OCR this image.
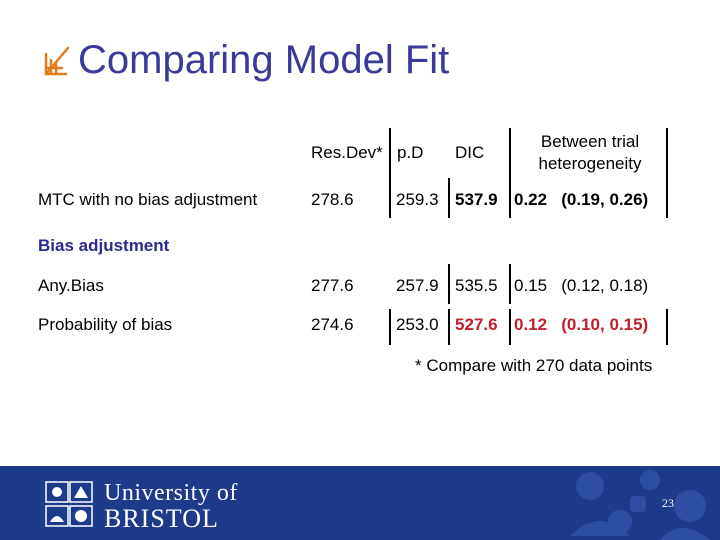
Comparing Model Fit
Res.Dev* p.D DIC
Between trial heterogeneity
MTC with no bias adjustment	278.6 259.3 537.9 0.22   (0.19, 0.26)
Bias adjustment
Any.Bias	277.6 257.9 535.5 0.15   (0.12, 0.18)
Probability of bias	274.6 253.0 527.6 0.12   (0.10, 0.15)
* Compare with 270 data points
University of
BRISTOL
23
